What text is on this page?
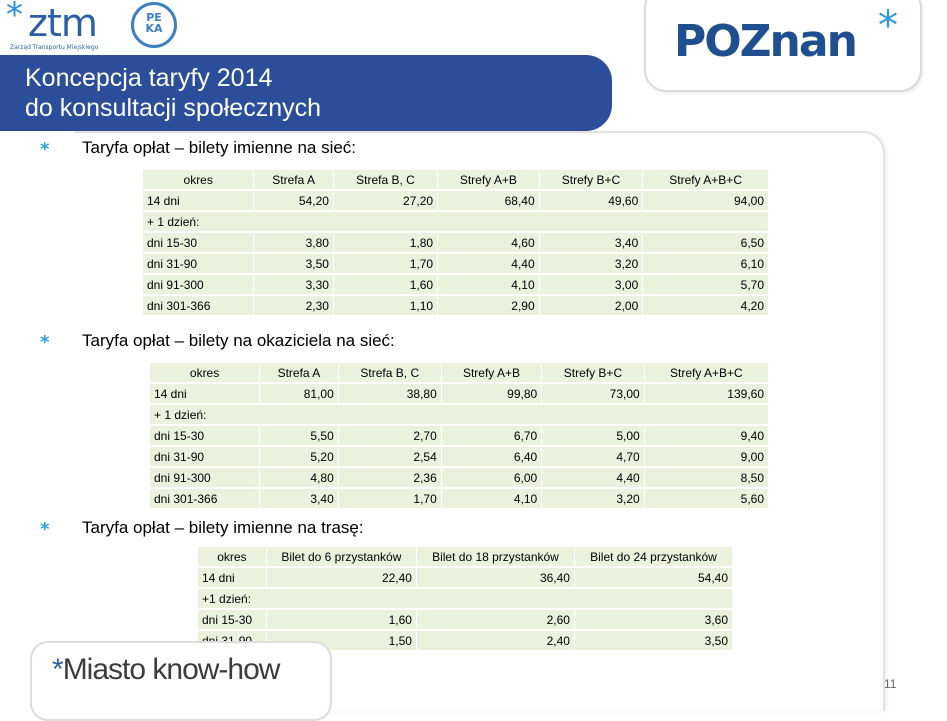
* ztm
Zarząd Transportu Miejskiego
PE
KA	POZnan *
Koncepcja taryfy 2014
do konsultacji społecznych
* Taryfa opłat – bilety imienne na sieć:
okres	Strefa A	Strefa B, C	Strefy A+B	Strefy B+C	Strefy A+B+C
14 dni	54,20	27,20	68,40	49,60	94,00
+ 1 dzień:					
dni 15-30	3,80	1,80	4,60	3,40	6,50
dni 31-90	3,50	1,70	4,40	3,20	6,10
dni 91-300	3,30	1,60	4,10	3,00	5,70
dni 301-366	2,30	1,10	2,90	2,00	4,20
* Taryfa opłat – bilety na okaziciela na sieć:
okres	Strefa A	Strefa B, C	Strefy A+B	Strefy B+C	Strefy A+B+C
14 dni	81,00	38,80	99,80	73,00	139,60
+ 1 dzień:					
dni 15-30	5,50	2,70	6,70	5,00	9,40
dni 31-90	5,20	2,54	6,40	4,70	9,00
dni 91-300	4,80	2,36	6,00	4,40	8,50
dni 301-366	3,40	1,70	4,10	3,20	5,60
* Taryfa opłat – bilety imienne na trasę:
okres	Bilet do 6 przystanków	Bilet do 18 przystanków	Bilet do 24 przystanków
14 dni	22,40	36,40	54,40
+1 dzień:			
dni 15-30	1,60	2,60	3,60
	1,50	2,40	3,50
*Miasto know-how	11
